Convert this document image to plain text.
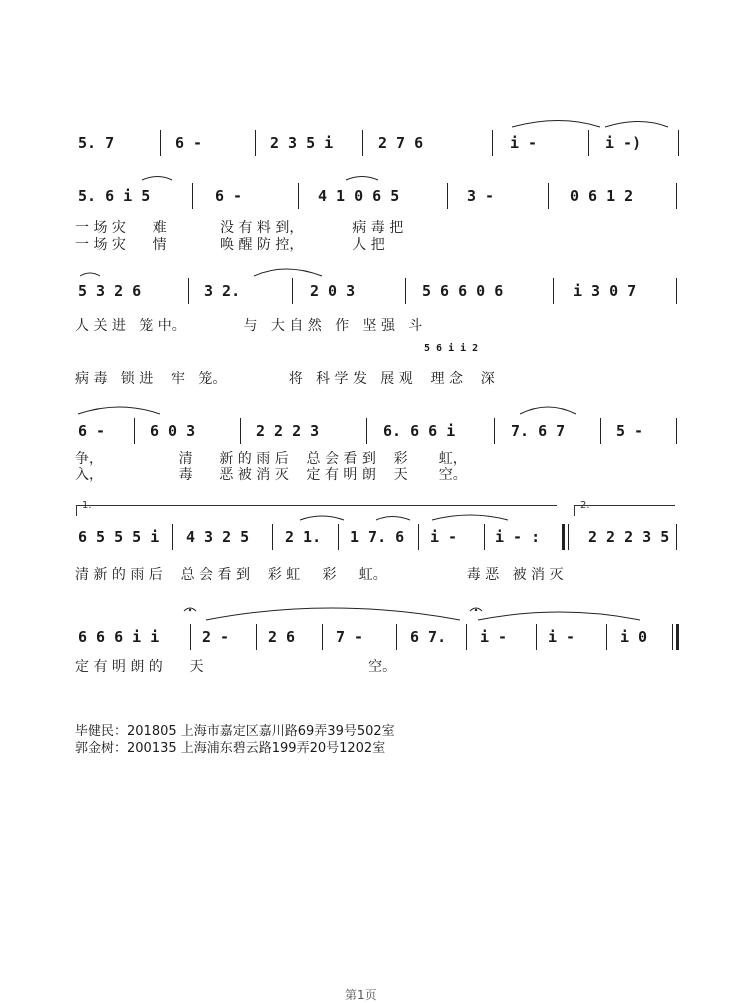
5. 7	6 -	2 3 5 i	2 7 6	i -	i -)
5. 6 i 5	6 -	4 1 0 6 5	3 -	0 6 1 2
一 场 灾      难            没 有 料 到，           病 毒 把
一 场 灾      情            唤 醒 防 控，           人 把
5 3 2 6	3 2.	2 0 3	5 6 6 0 6	i 3 0 7
人 关 进   笼 中。             与   大 自 然   作   坚 强   斗
5 6 i i 2
病 毒   锁 进    牢   笼。              将   科 学 发   展 观    理 念    深
6 -	6 0 3	2 2 2 3	6. 6 6 i	7. 6 7	5 -
争，                 清      新 的 雨 后    总 会 看 到    彩       虹，
入，                 毒      恶 被 消 灭    定 有 明 朗    天       空。
1.	2.
6 5 5 5 i 4 3 2 5 2 1. 1 7. 6 i -	i - :	2 2 2 3 5
清 新 的 雨 后    总 会 看 到    彩 虹     彩     虹。                  毒 恶   被 消 灭
6 6 6 i i	2 -	2 6	7 -	6 7. i -	i -	i 0
定 有 明 朗 的      天                                     空。
毕健民：201805 上海市嘉定区嘉川路69弄39号502室
郭金树：200135 上海浦东碧云路199弄20号1202室
第1页
